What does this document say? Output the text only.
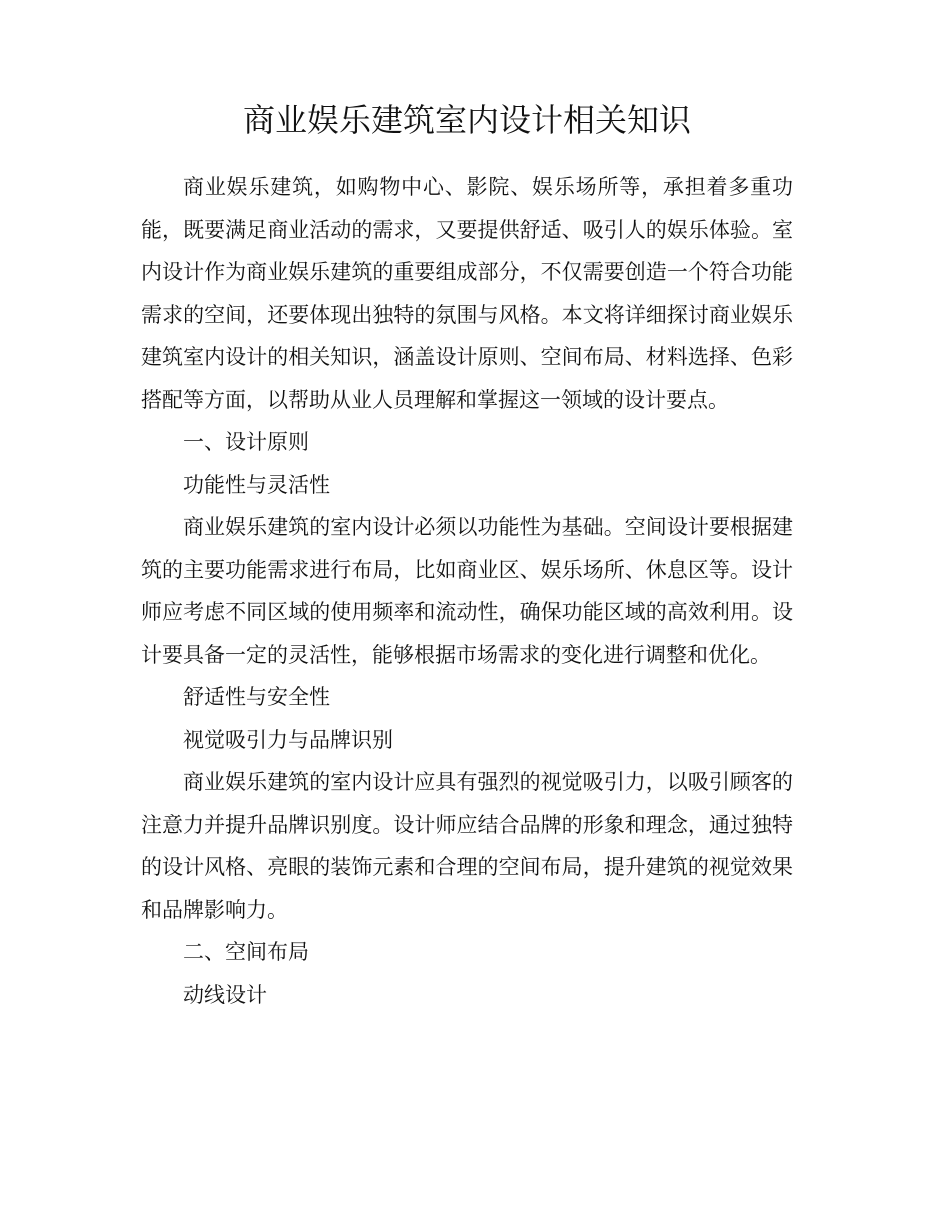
商业娱乐建筑室内设计相关知识

商业娱乐建筑，如购物中心、影院、娱乐场所等，承担着多重功能，既要满足商业活动的需求，又要提供舒适、吸引人的娱乐体验。室内设计作为商业娱乐建筑的重要组成部分，不仅需要创造一个符合功能需求的空间，还要体现出独特的氛围与风格。本文将详细探讨商业娱乐建筑室内设计的相关知识，涵盖设计原则、空间布局、材料选择、色彩搭配等方面，以帮助从业人员理解和掌握这一领域的设计要点。

一、设计原则

功能性与灵活性

商业娱乐建筑的室内设计必须以功能性为基础。空间设计要根据建筑的主要功能需求进行布局，比如商业区、娱乐场所、休息区等。设计师应考虑不同区域的使用频率和流动性，确保功能区域的高效利用。设计要具备一定的灵活性，能够根据市场需求的变化进行调整和优化。

舒适性与安全性

视觉吸引力与品牌识别

商业娱乐建筑的室内设计应具有强烈的视觉吸引力，以吸引顾客的注意力并提升品牌识别度。设计师应结合品牌的形象和理念，通过独特的设计风格、亮眼的装饰元素和合理的空间布局，提升建筑的视觉效果和品牌影响力。

二、空间布局

动线设计
